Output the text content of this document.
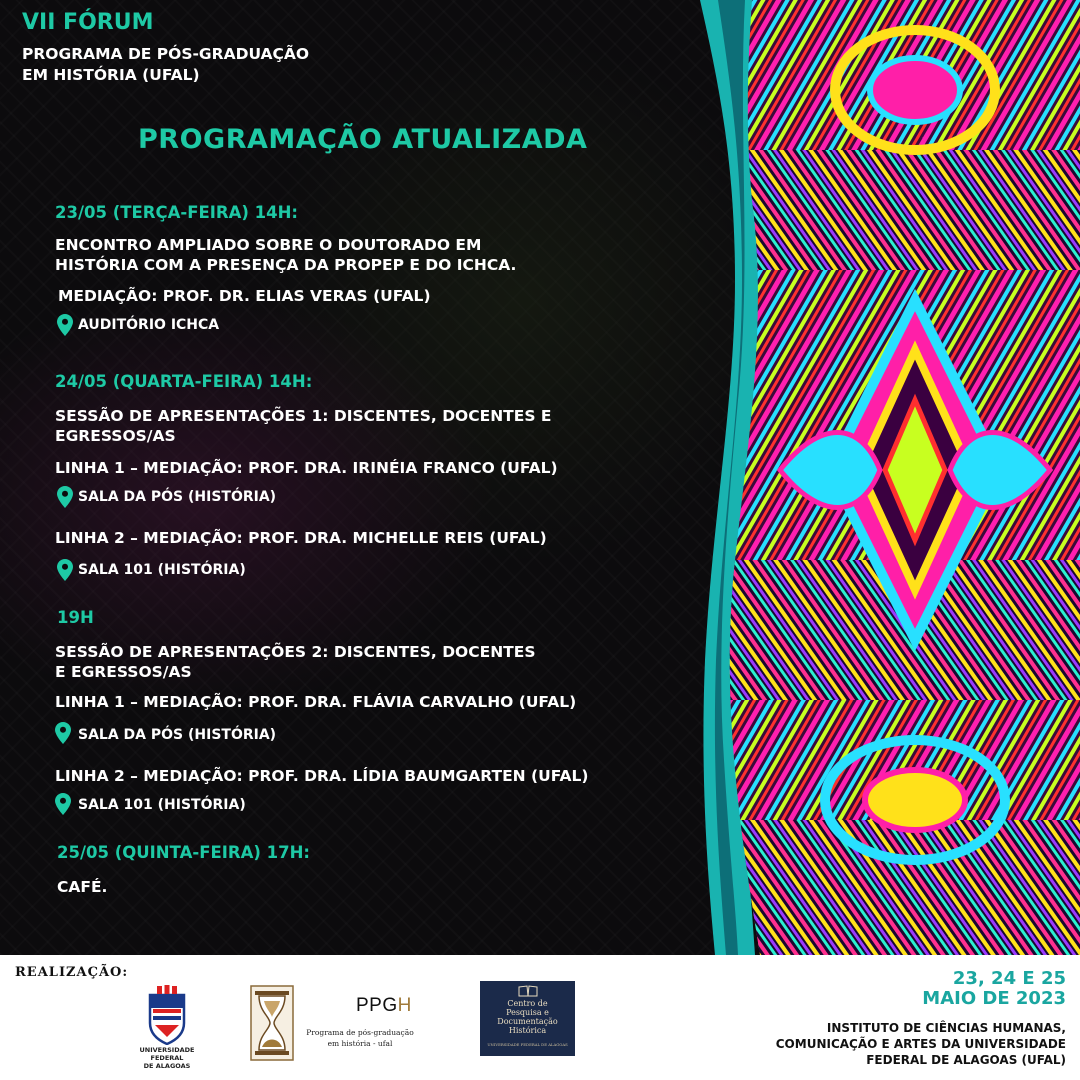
VII FÓRUM
PROGRAMA DE PÓS-GRADUAÇÃO
EM HISTÓRIA (UFAL)
PROGRAMAÇÃO ATUALIZADA
23/05 (TERÇA-FEIRA) 14H:
ENCONTRO AMPLIADO SOBRE O DOUTORADO EM
HISTÓRIA COM A PRESENÇA DA PROPEP E DO ICHCA.
MEDIAÇÃO: PROF. DR. ELIAS VERAS (UFAL)
AUDITÓRIO ICHCA
24/05 (QUARTA-FEIRA) 14H:
SESSÃO DE APRESENTAÇÕES 1: DISCENTES, DOCENTES E
EGRESSOS/AS
LINHA 1 – MEDIAÇÃO: PROF. DRA. IRINÉIA FRANCO (UFAL)
SALA DA PÓS (HISTÓRIA)
LINHA 2 – MEDIAÇÃO: PROF. DRA. MICHELLE REIS (UFAL)
SALA 101 (HISTÓRIA)
19H
SESSÃO DE APRESENTAÇÕES 2: DISCENTES, DOCENTES
E EGRESSOS/AS
LINHA 1 – MEDIAÇÃO: PROF. DRA. FLÁVIA CARVALHO (UFAL)
SALA DA PÓS (HISTÓRIA)
LINHA 2 – MEDIAÇÃO: PROF. DRA. LÍDIA BAUMGARTEN (UFAL)
SALA 101 (HISTÓRIA)
25/05 (QUINTA-FEIRA) 17H:
CAFÉ.
REALIZAÇÃO:
UNIVERSIDADE FEDERAL
DE ALAGOAS
PPGH
Programa de pós-graduação
em história - ufal
Centro de
Pesquisa e
Documentação
Histórica
UNIVERSIDADE FEDERAL DE ALAGOAS
23, 24 E 25
MAIO DE 2023
INSTITUTO DE CIÊNCIAS HUMANAS,
COMUNICAÇÃO E ARTES DA UNIVERSIDADE
FEDERAL DE ALAGOAS (UFAL)
